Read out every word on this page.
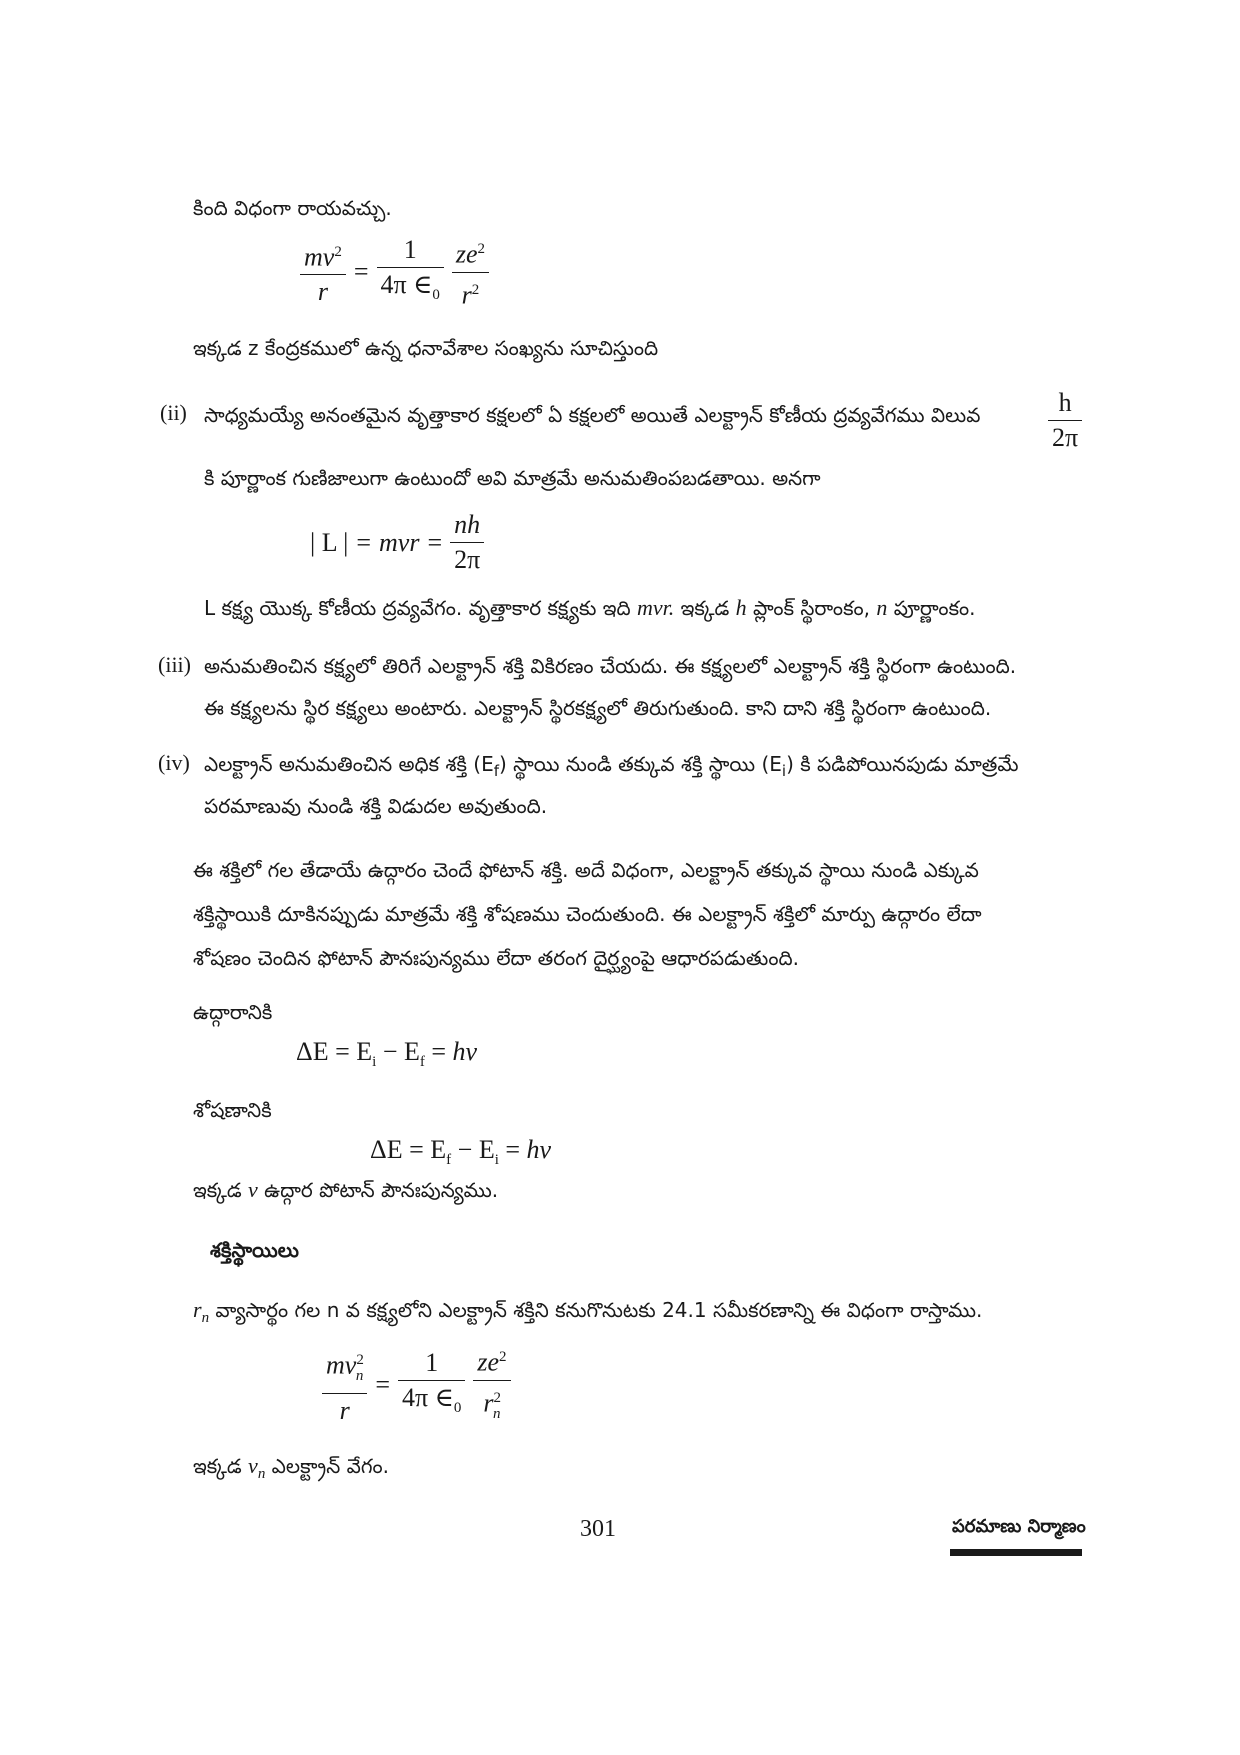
కింది విధంగా రాయవచ్చు.
$\frac{mv^2}{r} = \frac{1}{4\pi \in_0} \frac{ze^2}{r^2}$
ఇక్కడ z కేంద్రకములో ఉన్న ధనావేశాల సంఖ్యను సూచిస్తుంది
(ii) సాధ్యమయ్యే అనంతమైన వృత్తాకార కక్షలలో ఏ కక్షలలో అయితే ఎలక్ట్రాన్ కోణీయ ద్రవ్యవేగము విలువ	$\frac{h}{2\pi}$
కి పూర్ణాంక గుణిజాలుగా ఉంటుందో అవి మాత్రమే అనుమతింపబడతాయి. అనగా
| L | = mvr = $\frac{nh}{2\pi}$
L కక్ష్య యొక్క కోణీయ ద్రవ్యవేగం. వృత్తాకార కక్ష్యకు ఇది mvr. ఇక్కడ h ప్లాంక్ స్థిరాంకం, n పూర్ణాంకం.
(iii) అనుమతించిన కక్ష్యలో తిరిగే ఎలక్ట్రాన్ శక్తి వికిరణం చేయదు. ఈ కక్ష్యలలో ఎలక్ట్రాన్ శక్తి స్థిరంగా ఉంటుంది.
ఈ కక్ష్యలను స్థిర కక్ష్యలు అంటారు. ఎలక్ట్రాన్ స్థిరకక్ష్యలో తిరుగుతుంది. కాని దాని శక్తి స్థిరంగా ఉంటుంది.
(iv) ఎలక్ట్రాన్ అనుమతించిన అధిక శక్తి $(E_f)$ స్థాయి నుండి తక్కువ శక్తి స్థాయి $(E_i)$ కి పడిపోయినపుడు మాత్రమే
పరమాణువు నుండి శక్తి విడుదల అవుతుంది.
ఈ శక్తిలో గల తేడాయే ఉద్గారం చెందే ఫోటాన్ శక్తి. అదే విధంగా, ఎలక్ట్రాన్ తక్కువ స్థాయి నుండి ఎక్కువ
శక్తిస్థాయికి దూకినప్పుడు మాత్రమే శక్తి శోషణము చెందుతుంది. ఈ ఎలక్ట్రాన్ శక్తిలో మార్పు ఉద్గారం లేదా
శోషణం చెందిన ఫోటాన్ పౌనఃపున్యము లేదా తరంగ దైర్ఘ్యంపై ఆధారపడుతుంది.
ఉద్గారానికి
$\Delta E = E_i - E_f$ = hv
శోషణానికి
$\Delta E = E_f - E_i$ = hv
ఇక్కడ v ఉద్గార పోటాన్ పౌనఃపున్యము.
శక్తిస్థాయిలు
$r_n$ వ్యాసార్థం గల n వ కక్ష్యలోని ఎలక్ట్రాన్ శక్తిని కనుగొనుటకు 24.1 సమీకరణాన్ని ఈ విధంగా రాస్తాము.
$\frac{mv^2_n}{r} = \frac{1}{4\pi \in_0} \frac{ze^2}{r^2_n}$
ఇక్కడ $v_n$ ఎలక్ట్రాన్ వేగం.
301	పరమాణు నిర్మాణం
